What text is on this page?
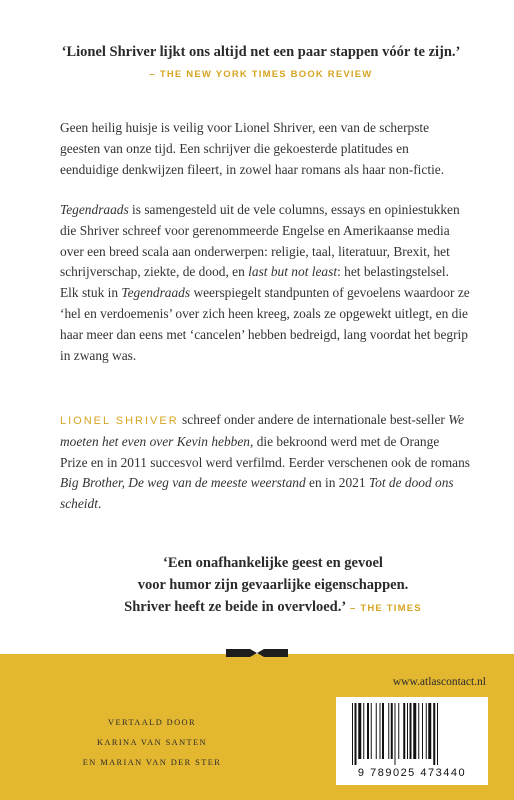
‘Lionel Shriver lijkt ons altijd net een paar stappen vóór te zijn.’

– THE NEW YORK TIMES BOOK REVIEW

Geen heilig huisje is veilig voor Lionel Shriver, een van de scherpste geesten van onze tijd. Een schrijver die gekoesterde platitudes en eenduidige denkwijzen fileert, in zowel haar romans als haar non-fictie.

Tegendraads is samengesteld uit de vele columns, essays en opiniestukken die Shriver schreef voor gerenommeerde Engelse en Amerikaanse media over een breed scala aan onderwerpen: religie, taal, literatuur, Brexit, het schrijverschap, ziekte, de dood, en last but not least: het belastingstelsel.

Elk stuk in Tegendraads weerspiegelt standpunten of gevoelens waardoor ze ‘hel en verdoemenis’ over zich heen kreeg, zoals ze opgewekt uitlegt, en die haar meer dan eens met ‘cancelen’ hebben bedreigd, lang voordat het begrip in zwang was.

LIONEL SHRIVER schreef onder andere de internationale best-seller We moeten het even over Kevin hebben, die bekroond werd met de Orange Prize en in 2011 succesvol werd verfilmd. Eerder verschenen ook de romans Big Brother, De weg van de meeste weerstand en in 2021 Tot de dood ons scheidt.

‘Een onafhankelijke geest en gevoel
voor humor zijn gevaarlijke eigenschappen.
Shriver heeft ze beide in overvloed.’ – THE TIMES
VERTAALD DOOR
KARINA VAN SANTEN
EN MARIAN VAN DER STER
www.atlascontact.nl
9 789025 473440
